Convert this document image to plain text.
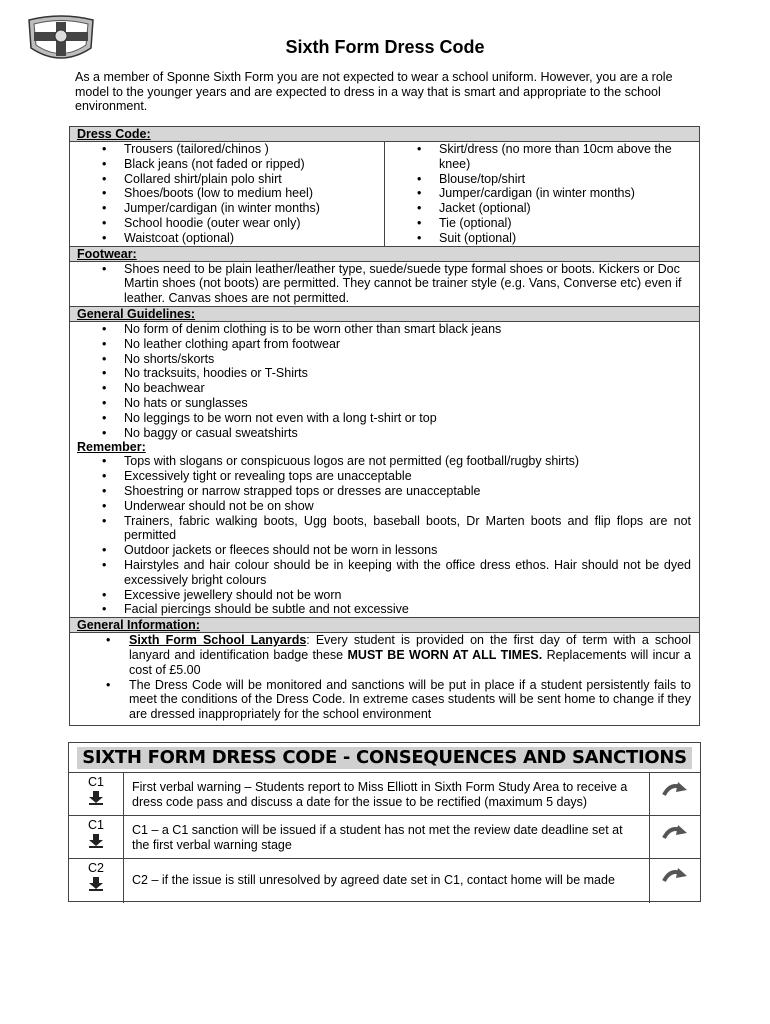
Sixth Form Dress Code
As a member of Sponne Sixth Form you are not expected to wear a school uniform. However, you are a role model to the younger years and are expected to dress in a way that is smart and appropriate to the school environment.
Dress Code:
• Trousers (tailored/chinos )
• Black jeans (not faded or ripped)
• Collared shirt/plain polo shirt
• Shoes/boots (low to medium heel)
• Jumper/cardigan (in winter months)
• School hoodie (outer wear only)
• Waistcoat (optional)
• Skirt/dress (no more than 10cm above the knee)
• Blouse/top/shirt
• Jumper/cardigan (in winter months)
• Jacket (optional)
• Tie (optional)
• Suit (optional)
Footwear:
• Shoes need to be plain leather/leather type, suede/suede type formal shoes or boots. Kickers or Doc Martin shoes (not boots) are permitted. They cannot be trainer style (e.g. Vans, Converse etc) even if leather. Canvas shoes are not permitted.
General Guidelines:
• No form of denim clothing is to be worn other than smart black jeans
• No leather clothing apart from footwear
• No shorts/skorts
• No tracksuits, hoodies or T-Shirts
• No beachwear
• No hats or sunglasses
• No leggings to be worn not even with a long t-shirt or top
• No baggy or casual sweatshirts
Remember:
• Tops with slogans or conspicuous logos are not permitted (eg football/rugby shirts)
• Excessively tight or revealing tops are unacceptable
• Shoestring or narrow strapped tops or dresses are unacceptable
• Underwear should not be on show
• Trainers, fabric walking boots, Ugg boots, baseball boots, Dr Marten boots and flip flops are not permitted
• Outdoor jackets or fleeces should not be worn in lessons
• Hairstyles and hair colour should be in keeping with the office dress ethos. Hair should not be dyed excessively bright colours
• Excessive jewellery should not be worn
• Facial piercings should be subtle and not excessive
General Information:
• Sixth Form School Lanyards: Every student is provided on the first day of term with a school lanyard and identification badge these MUST BE WORN AT ALL TIMES. Replacements will incur a cost of £5.00
• The Dress Code will be monitored and sanctions will be put in place if a student persistently fails to meet the conditions of the Dress Code. In extreme cases students will be sent home to change if they are dressed inappropriately for the school environment
SIXTH FORM DRESS CODE - CONSEQUENCES AND SANCTIONS
C1	First verbal warning – Students report to Miss Elliott in Sixth Form Study Area to receive a dress code pass and discuss a date for the issue to be rectified (maximum 5 days)
C1	C1 – a C1 sanction will be issued if a student has not met the review date deadline set at the first verbal warning stage
C2
C2 – if the issue is still unresolved by agreed date set in C1, contact home will be made
